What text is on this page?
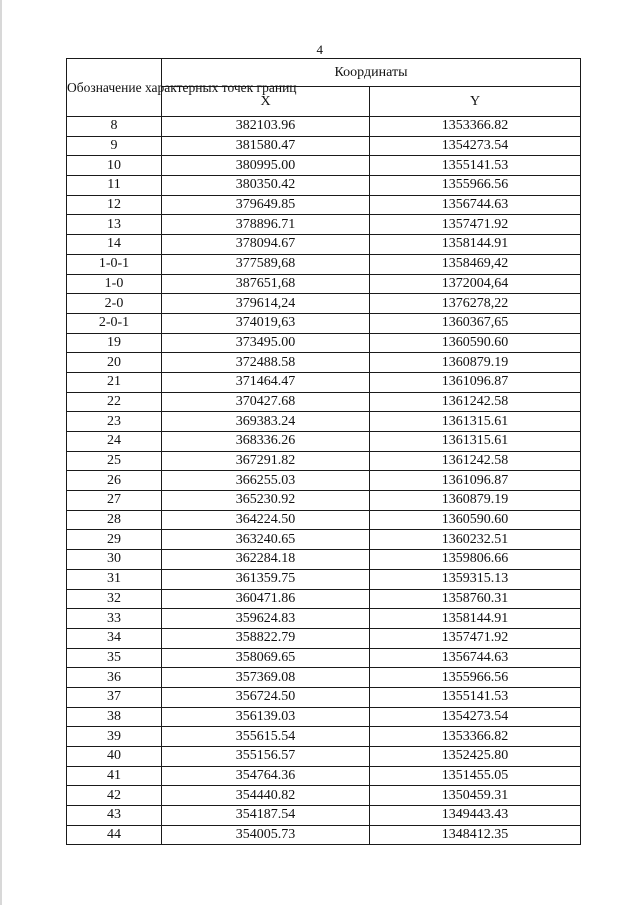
4
Обозначение характерных точек границ	Координаты	
	X	Y
8	382103.96	1353366.82
9	381580.47	1354273.54
10	380995.00	1355141.53
11	380350.42	1355966.56
12	379649.85	1356744.63
13	378896.71	1357471.92
14	378094.67	1358144.91
1-0-1	377589,68	1358469,42
1-0	387651,68	1372004,64
2-0	379614,24	1376278,22
2-0-1	374019,63	1360367,65
19	373495.00	1360590.60
20	372488.58	1360879.19
21	371464.47	1361096.87
22	370427.68	1361242.58
23	369383.24	1361315.61
24	368336.26	1361315.61
25	367291.82	1361242.58
26	366255.03	1361096.87
27	365230.92	1360879.19
28	364224.50	1360590.60
29	363240.65	1360232.51
30	362284.18	1359806.66
31	361359.75	1359315.13
32	360471.86	1358760.31
33	359624.83	1358144.91
34	358822.79	1357471.92
35	358069.65	1356744.63
36	357369.08	1355966.56
37	356724.50	1355141.53
38	356139.03	1354273.54
39	355615.54	1353366.82
40	355156.57	1352425.80
41	354764.36	1351455.05
42	354440.82	1350459.31
43	354187.54	1349443.43
44	354005.73	1348412.35
